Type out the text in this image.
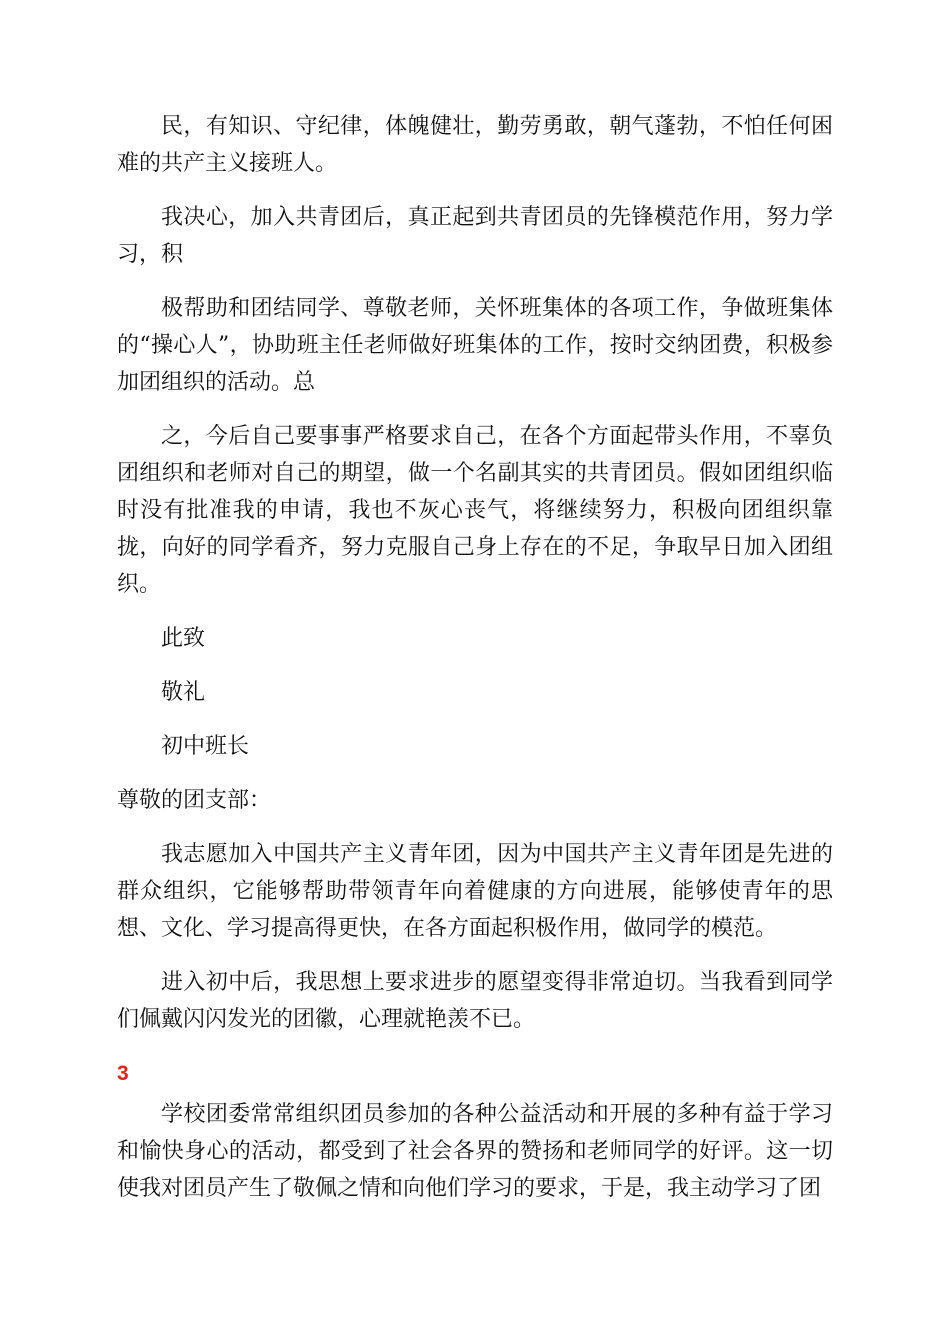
民，有知识、守纪律，体魄健壮，勤劳勇敢，朝气蓬勃，不怕任何困难的共产主义接班人。

我决心，加入共青团后，真正起到共青团员的先锋模范作用，努力学习，积

极帮助和团结同学、尊敬老师，关怀班集体的各项工作，争做班集体的“操心人”，协助班主任老师做好班集体的工作，按时交纳团费，积极参加团组织的活动。总

之，今后自己要事事严格要求自己，在各个方面起带头作用，不辜负团组织和老师对自己的期望，做一个名副其实的共青团员。假如团组织临时没有批准我的申请，我也不灰心丧气，将继续努力，积极向团组织靠拢，向好的同学看齐，努力克服自己身上存在的不足，争取早日加入团组织。

此致
敬礼
初中班长

尊敬的团支部：

我志愿加入中国共产主义青年团，因为中国共产主义青年团是先进的群众组织，它能够帮助带领青年向着健康的方向进展，能够使青年的思想、文化、学习提高得更快，在各方面起积极作用，做同学的模范。

进入初中后，我思想上要求进步的愿望变得非常迫切。当我看到同学们佩戴闪闪发光的团徽，心理就艳羡不已。

3

学校团委常常组织团员参加的各种公益活动和开展的多种有益于学习和愉快身心的活动，都受到了社会各界的赞扬和老师同学的好评。这一切使我对团员产生了敬佩之情和向他们学习的要求，于是，我主动学习了团
